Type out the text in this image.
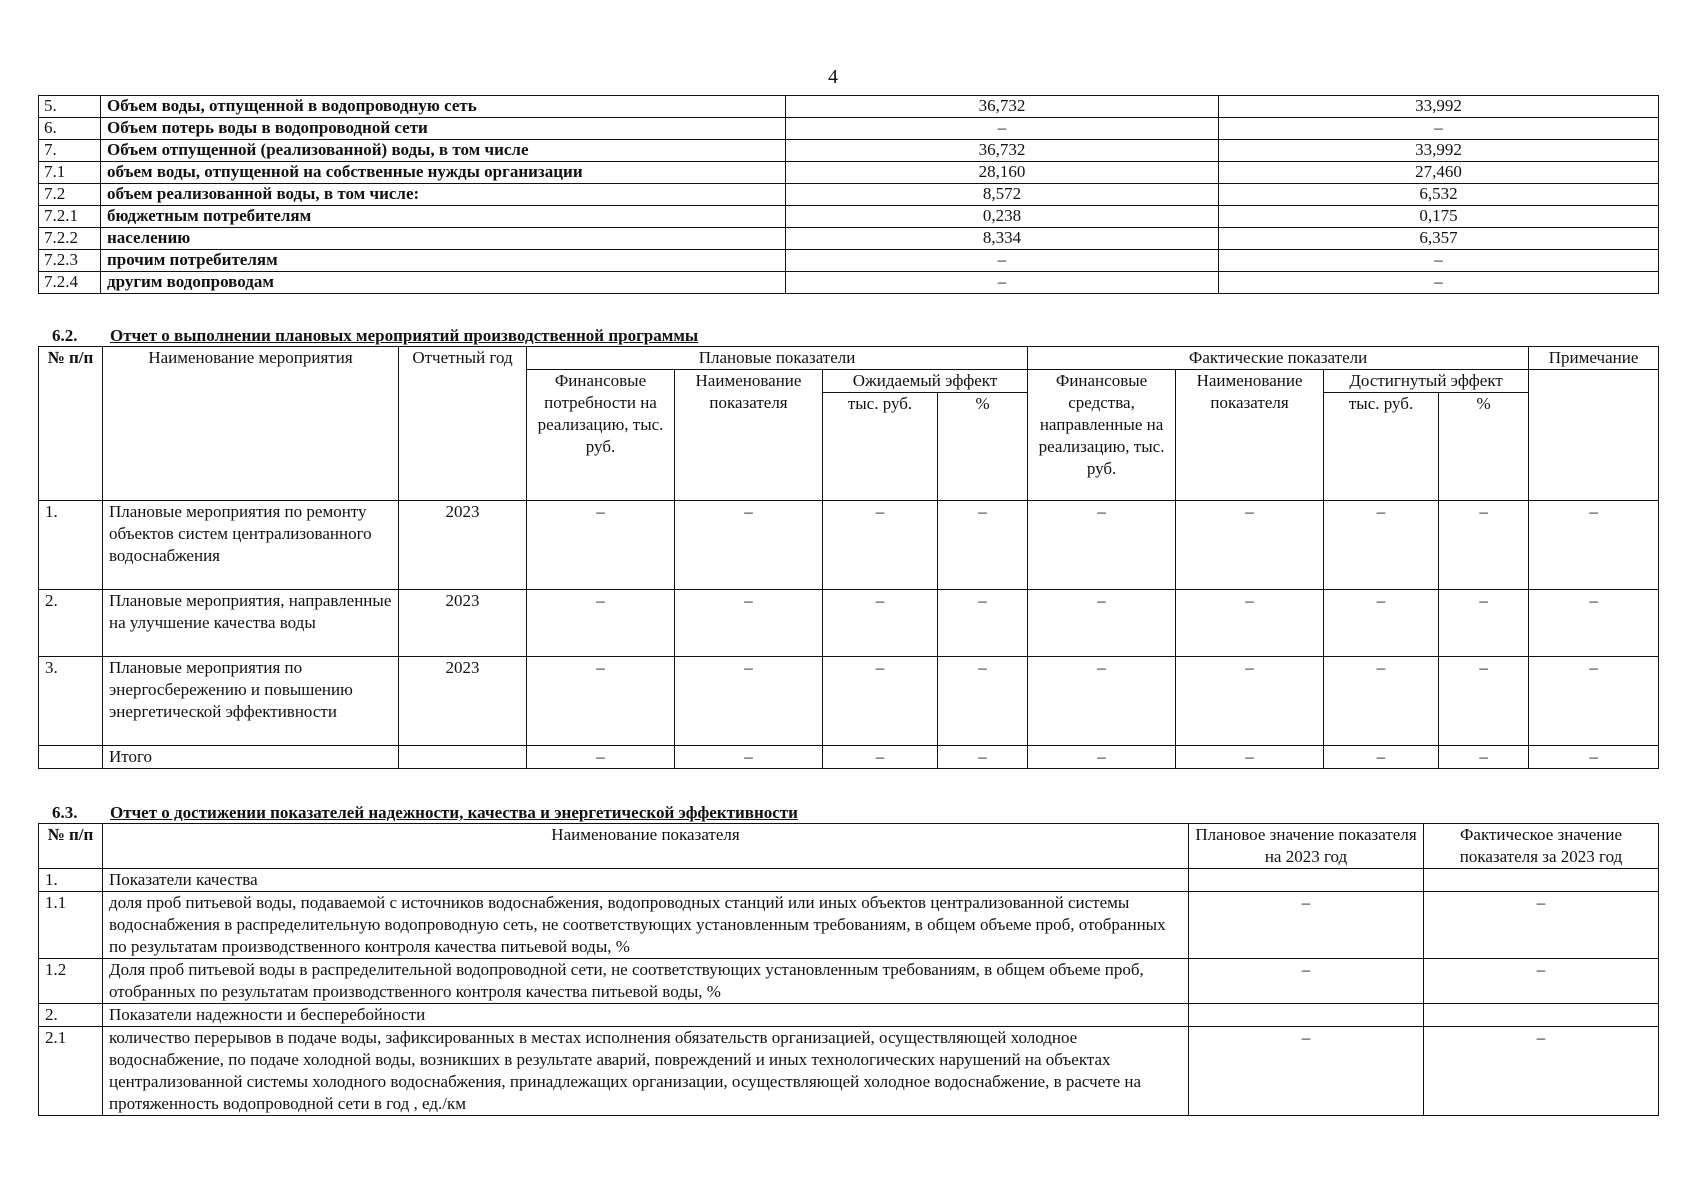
4
5.	Объем воды, отпущенной в водопроводную сеть	36,732	33,992
6.	Объем потерь воды в водопроводной сети	–	–
7.	Объем отпущенной (реализованной) воды, в том числе	36,732	33,992
7.1	объем воды, отпущенной на собственные нужды организации	28,160	27,460
7.2	объем реализованной воды, в том числе:	8,572	6,532
7.2.1	бюджетным потребителям	0,238	0,175
7.2.2	населению	8,334	6,357
7.2.3	прочим потребителям	–	–
7.2.4	другим водопроводам	–	–
6.2. Отчет о выполнении плановых мероприятий производственной программы
№ п/п	Наименование мероприятия	Отчетный год	Плановые показатели				Фактические показатели				Примечание
			Финансовые потребности на реализацию, тыс. руб.	Наименование показателя	Ожидаемый эффект		Финансовые средства, направленные на реализацию, тыс. руб.	Наименование показателя	Достигнутый эффект		
					тыс. руб.	%			тыс. руб.	%	
1.	Плановые мероприятия по ремонту объектов систем централизованного водоснабжения	2023	–	–	–	–	–	–	–	–	–
2.	Плановые мероприятия, направленные на улучшение качества воды	2023	–	–	–	–	–	–	–	–	–
3.	Плановые мероприятия по энергосбережению и повышению энергетической эффективности	2023	–	–	–	–	–	–	–	–	–
	Итого		–	–	–	–	–	–	–	–	–
6.3. Отчет о достижении показателей надежности, качества и энергетической эффективности
№ п/п	Наименование показателя	Плановое значение показателя на 2023 год	Фактическое значение показателя за 2023 год
1.	Показатели качества		
1.1	доля проб питьевой воды, подаваемой с источников водоснабжения, водопроводных станций или иных объектов централизованной системы водоснабжения в распределительную водопроводную сеть, не соответствующих установленным требованиям, в общем объеме проб, отобранных по результатам производственного контроля качества питьевой воды, %	–	–
1.2	Доля проб питьевой воды в распределительной водопроводной сети, не соответствующих установленным требованиям, в общем объеме проб, отобранных по результатам производственного контроля качества питьевой воды, %	–	–
2.	Показатели надежности и бесперебойности		
2.1	количество перерывов в подаче воды, зафиксированных в местах исполнения обязательств организацией, осуществляющей холодное водоснабжение, по подаче холодной воды, возникших в результате аварий, повреждений и иных технологических нарушений на объектах централизованной системы холодного водоснабжения, принадлежащих организации, осуществляющей холодное водоснабжение, в расчете на протяженность водопроводной сети в год , ед./км	–	–
